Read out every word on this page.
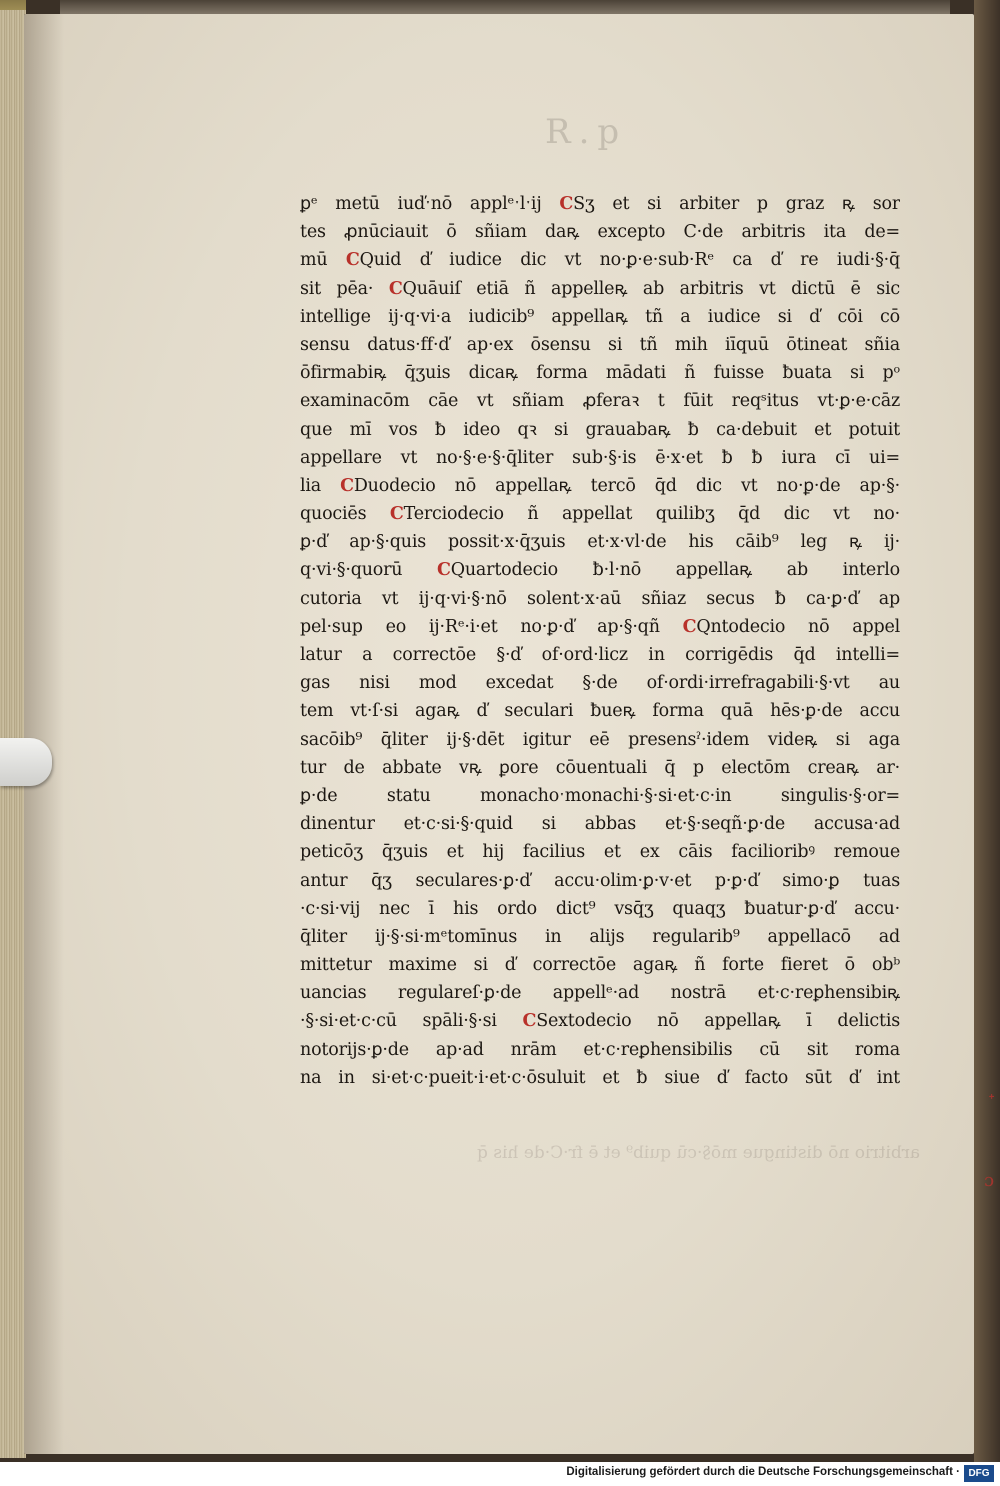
R.p
ꝑᵉ metū iuďˑnō applᵉˑlˑij CSʒ et si arbiter p graz ꝶ sor
tes ꝓnūciauit ō sñiam daꝶ excepto C·de arbitris ita de=
mū CQuid ď iudice dic vt no·ꝑ·e·sub·Rᵉ ca ď re iudi·§·q̄
sit pēa· CQuāuiſ etiā ñ appelleꝶ ab arbitris vt dictū ē sic
intellige ij·q·vi·a iudicib⁹ appellaꝶ tñ a iudice si ď cōi cō
sensu datus·ff·ď ap·ex ōsensu si tñ mih iīquū ōtineat sñia
ōfirmabiꝶ q̄ʒuis dicaꝶ forma mādati ñ fuisse ƀuata si pᵒ
examinacōm cāe vt sñiam ꝓferaꝛ t fūit reqˢitus vt·ꝑ·e·cāz
que mī vos ƀ ideo qꝛ si grauabaꝶ ƀ ca·debuit et potuit
appellare vt no·§·e·§·q̄liter sub·§·is ē·x·et ƀ ƀ iura cī ui=
lia CDuodecio nō appellaꝶ tercō q̄d dic vt no·ꝑ·de ap·§·
quociēs CTerciodecio ñ appellat quilibʒ q̄d dic vt no·
ꝑ·ď ap·§·quis possit·x·q̄ʒuis et·x·vl·de his cāib⁹ leg ꝶ ij·
q·vi·§·quorū CQuartodecio ƀ·l·nō appellaꝶ ab interlo
cutoria vt ij·q·vi·§·nō solent·x·aū sñiaz secus ƀ ca·ꝑ·ď ap
pel·sup eo ij·Rᵉ·i·et no·ꝑ·ď ap·§·qñ CQntodecio nō appel
latur a correctōe §·ď of·ord·licz in corrigēdis q̄d intelli=
gas nisi mod excedat §·de of·ordi·irrefragabili·§·vt au
tem vt·ſ·si agaꝶ ď seculari ƀueꝶ forma quā hēs·ꝑ·de accu
sacōib⁹ q̄liter ij·§·dēt igitur eē presensˀ·idem videꝶ si aga
tur de abbate vꝶ ꝑore cōuentuali q̄ p electōm creaꝶ ar·
ꝑ·de statu monachoˑmonachi·§·si·et·c·in singulis·§·or=
dinentur et·c·si·§·quid si abbas et·§·seqñ·ꝑ·de accusa·ad
peticōʒ q̄ʒuis et hij facilius et ex cāis facilioribꝰ remoue
antur q̄ʒ seculares·ꝑ·ď accu·olim·ꝑ·v·et p·ꝑ·ď simo·ꝑ tuas
·c·si·vij nec ī his ordo dict⁹ vsq̄ʒ quaqʒ ƀuatur·ꝑ·ď accu·
q̄liter ij·§·si·mᵉtomīnus in alijs regularib⁹ appellacō ad
mittetur maxime si ď correctōe agaꝶ ñ forte fieret ō obᵇ
uancias regulareſ·ꝑ·de appellᵉ·ad nostrā et·c·reꝑhensibiꝶ
·§·si·et·c·cū spāli·§·si CSextodecio nō appellaꝶ ī delictis
notorijs·ꝑ·de ap·ad nrām et·c·reꝑhensibilis cū sit roma
na in si·et·c·pueit·i·et·c·ōsuluit et ƀ siue ď facto sūt ď int
arbitrio nō distingue mō§·cū quib⁹ et ē fr·C·de his q̄
ᐩ
ɔ
Digitalisierung gefördert durch die Deutsche Forschungsgemeinschaft · DFG
